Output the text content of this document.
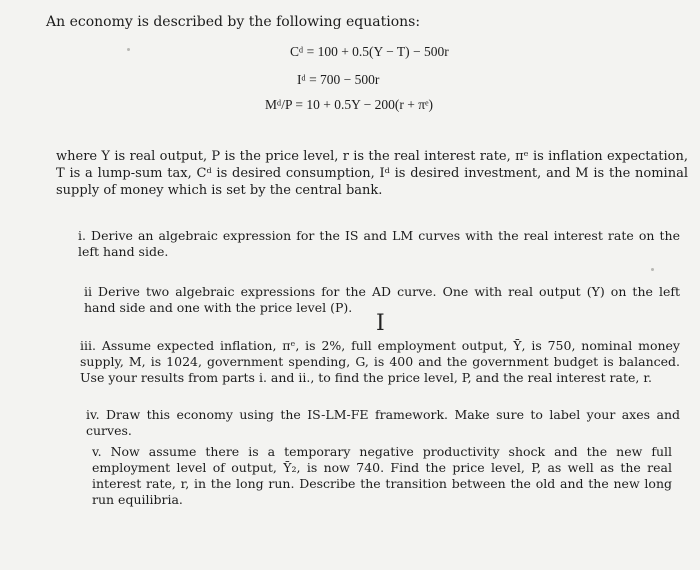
An economy is described by the following equations:
Cᵈ = 100 + 0.5(Y − T) − 500r
Iᵈ = 700 − 500r
Mᵈ/P = 10 + 0.5Y − 200(r + πᵉ)
where Y is real output, P is the price level, r is the real interest rate, πᵉ is inflation expectation, T is a lump-sum tax, Cᵈ is desired consumption, Iᵈ is desired investment, and M is the nominal supply of money which is set by the central bank.
i. Derive an algebraic expression for the IS and LM curves with the real interest rate on the left hand side.
ii Derive two algebraic expressions for the AD curve. One with real output (Y) on the left hand side and one with the price level (P).
I
iii. Assume expected inflation, πᵉ, is 2%, full employment output, Ȳ, is 750, nominal money supply, M, is 1024, government spending, G, is 400 and the government budget is balanced. Use your results from parts i. and ii., to find the price level, P, and the real interest rate, r.
iv. Draw this economy using the IS-LM-FE framework. Make sure to label your axes and curves.
v. Now assume there is a temporary negative productivity shock and the new full employment level of output, Ȳ₂, is now 740. Find the price level, P, as well as the real interest rate, r, in the long run. Describe the transition between the old and the new long run equilibria.
